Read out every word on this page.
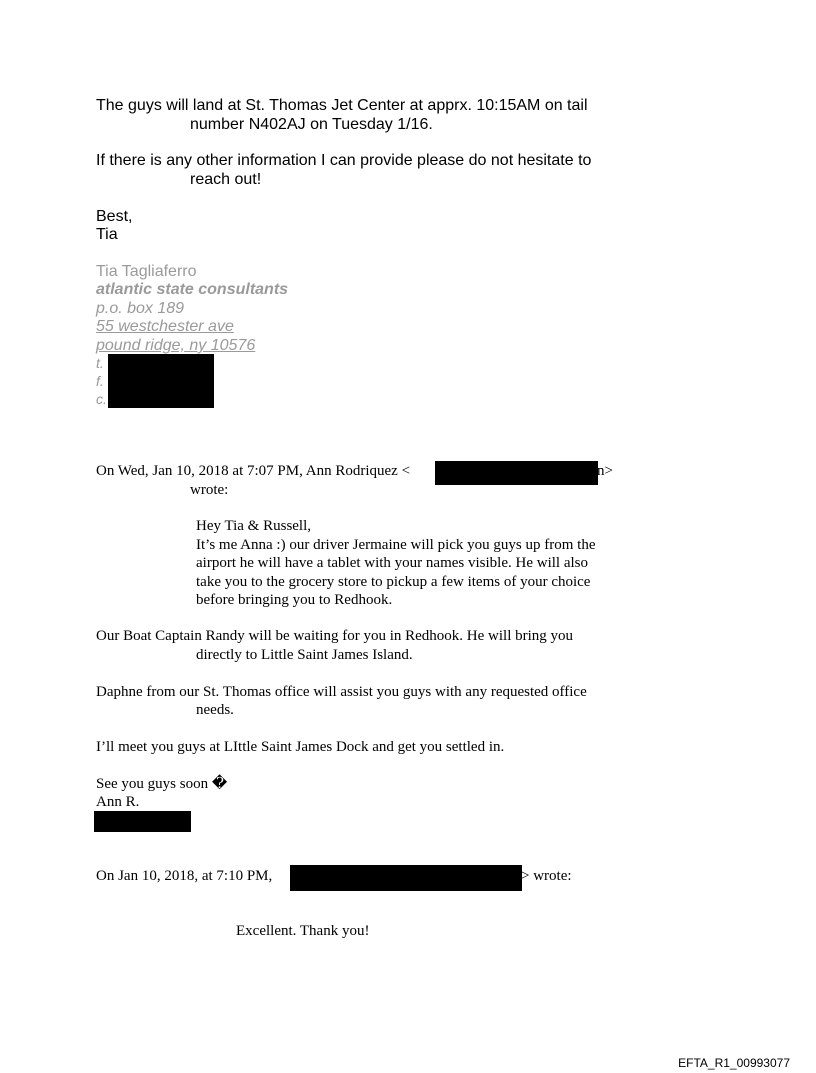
The guys will land at St. Thomas Jet Center at apprx. 10:15AM on tail
number N402AJ on Tuesday 1/16.
If there is any other information I can provide please do not hesitate to
reach out!
Best,
Tia
Tia Tagliaferro
atlantic state consultants
p.o. box 189
55 westchester ave
pound ridge, ny 10576
t.
f.
c.
On Wed, Jan 10, 2018 at 7:07 PM, Ann Rodriquez <	n>
wrote:
Hey Tia & Russell,
It’s me Anna :) our driver Jermaine will pick you guys up from the
airport he will have a tablet with your names visible. He will also
take you to the grocery store to pickup a few items of your choice
before bringing you to Redhook.
Our Boat Captain Randy will be waiting for you in Redhook. He will bring you
directly to Little Saint James Island.
Daphne from our St. Thomas office will assist you guys with any requested office
needs.
I’ll meet you guys at LIttle Saint James Dock and get you settled in.
See you guys soon �
Ann R.
On Jan 10, 2018, at 7:10 PM,	> wrote:
Excellent. Thank you!
EFTA_R1_00993077
